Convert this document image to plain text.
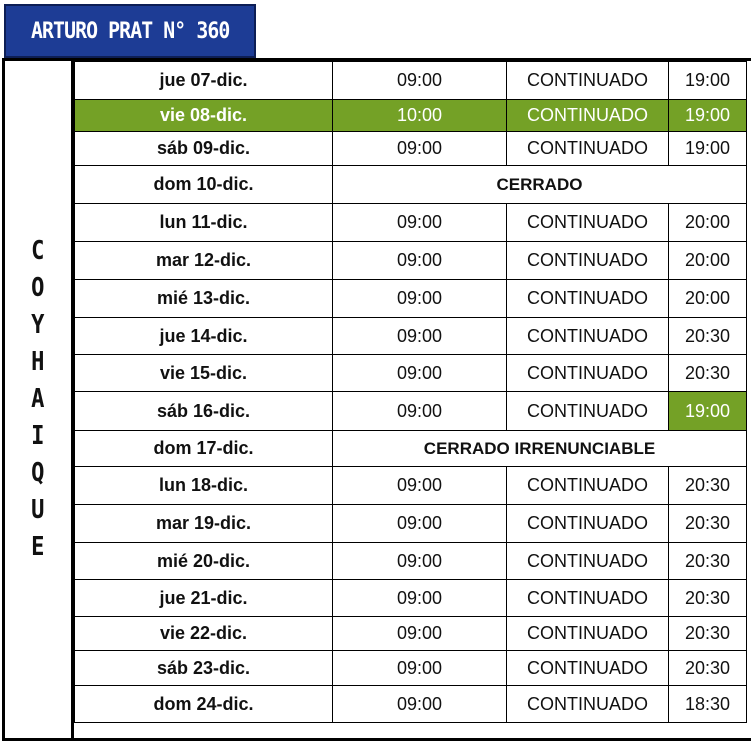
ARTURO PRAT N° 360
C
O
Y
H
A
I
Q
U
E
jue 07-dic.	09:00	CONTINUADO	19:00
vie 08-dic.	10:00	CONTINUADO	19:00
sáb 09-dic.	09:00	CONTINUADO	19:00
dom 10-dic.	CERRADO		
lun 11-dic.	09:00	CONTINUADO	20:00
mar 12-dic.	09:00	CONTINUADO	20:00
mié 13-dic.	09:00	CONTINUADO	20:00
jue 14-dic.	09:00	CONTINUADO	20:30
vie 15-dic.	09:00	CONTINUADO	20:30
sáb 16-dic.	09:00	CONTINUADO	19:00
dom 17-dic.	CERRADO IRRENUNCIABLE		
lun 18-dic.	09:00	CONTINUADO	20:30
mar 19-dic.	09:00	CONTINUADO	20:30
mié 20-dic.	09:00	CONTINUADO	20:30
jue 21-dic.	09:00	CONTINUADO	20:30
vie 22-dic.	09:00	CONTINUADO	20:30
sáb 23-dic.	09:00	CONTINUADO	20:30
dom 24-dic.	09:00	CONTINUADO	18:30
